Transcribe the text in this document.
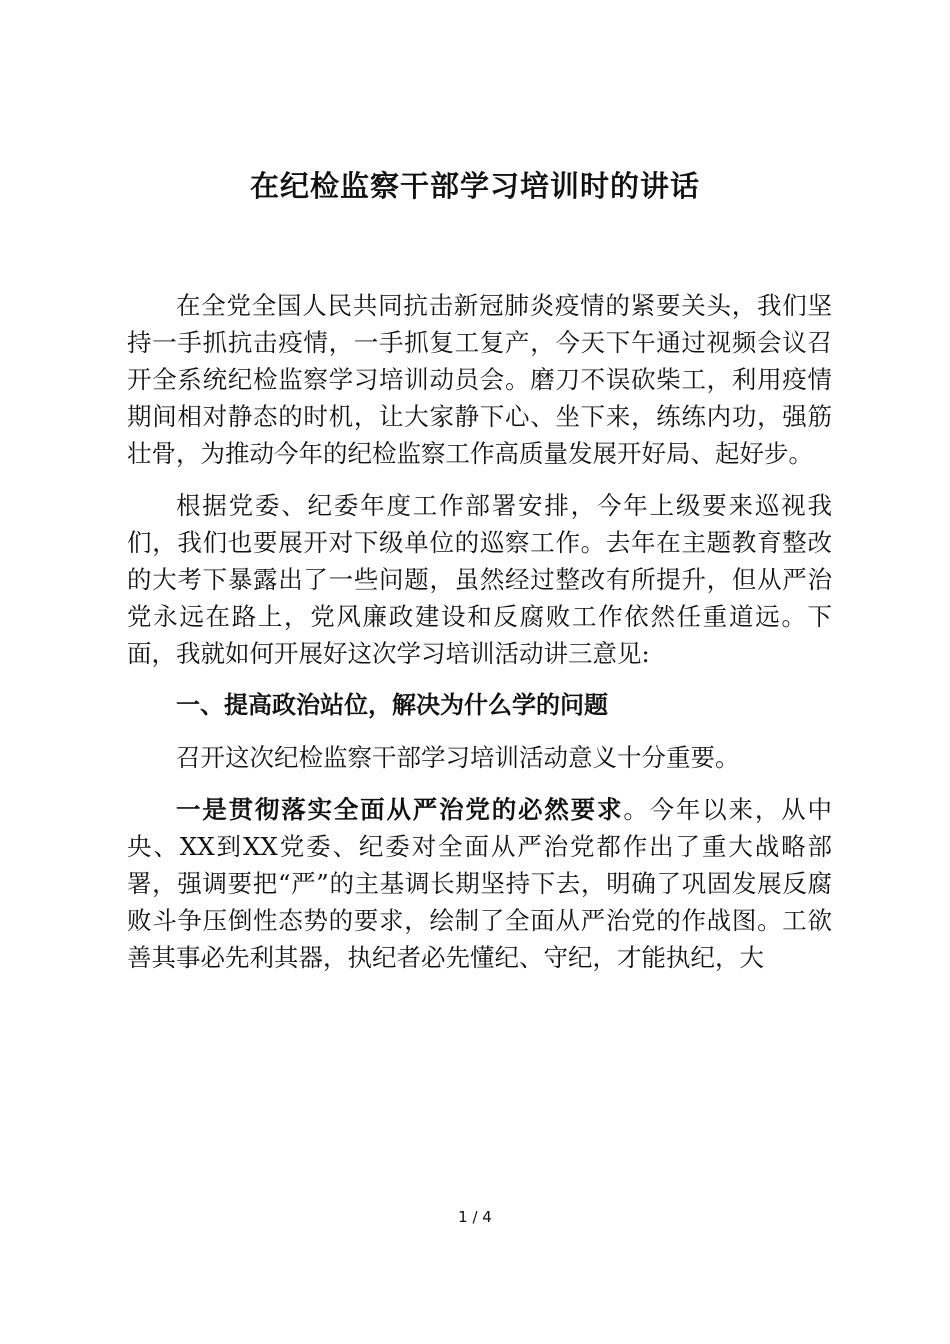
在纪检监察干部学习培训时的讲话

在全党全国人民共同抗击新冠肺炎疫情的紧要关头，我们坚持一手抓抗击疫情，一手抓复工复产，今天下午通过视频会议召开全系统纪检监察学习培训动员会。磨刀不误砍柴工，利用疫情期间相对静态的时机，让大家静下心、坐下来，练练内功，强筋壮骨，为推动今年的纪检监察工作高质量发展开好局、起好步。

根据党委、纪委年度工作部署安排，今年上级要来巡视我们，我们也要展开对下级单位的巡察工作。去年在主题教育整改的大考下暴露出了一些问题，虽然经过整改有所提升，但从严治党永远在路上，党风廉政建设和反腐败工作依然任重道远。下面，我就如何开展好这次学习培训活动讲三意见:

一、提高政治站位，解决为什么学的问题

召开这次纪检监察干部学习培训活动意义十分重要。

一是贯彻落实全面从严治党的必然要求。今年以来，从中央、XX到XX党委、纪委对全面从严治党都作出了重大战略部署，强调要把“严”的主基调长期坚持下去，明确了巩固发展反腐败斗争压倒性态势的要求，绘制了全面从严治党的作战图。工欲善其事必先利其器，执纪者必先懂纪、守纪，才能执纪，大

1 / 4
